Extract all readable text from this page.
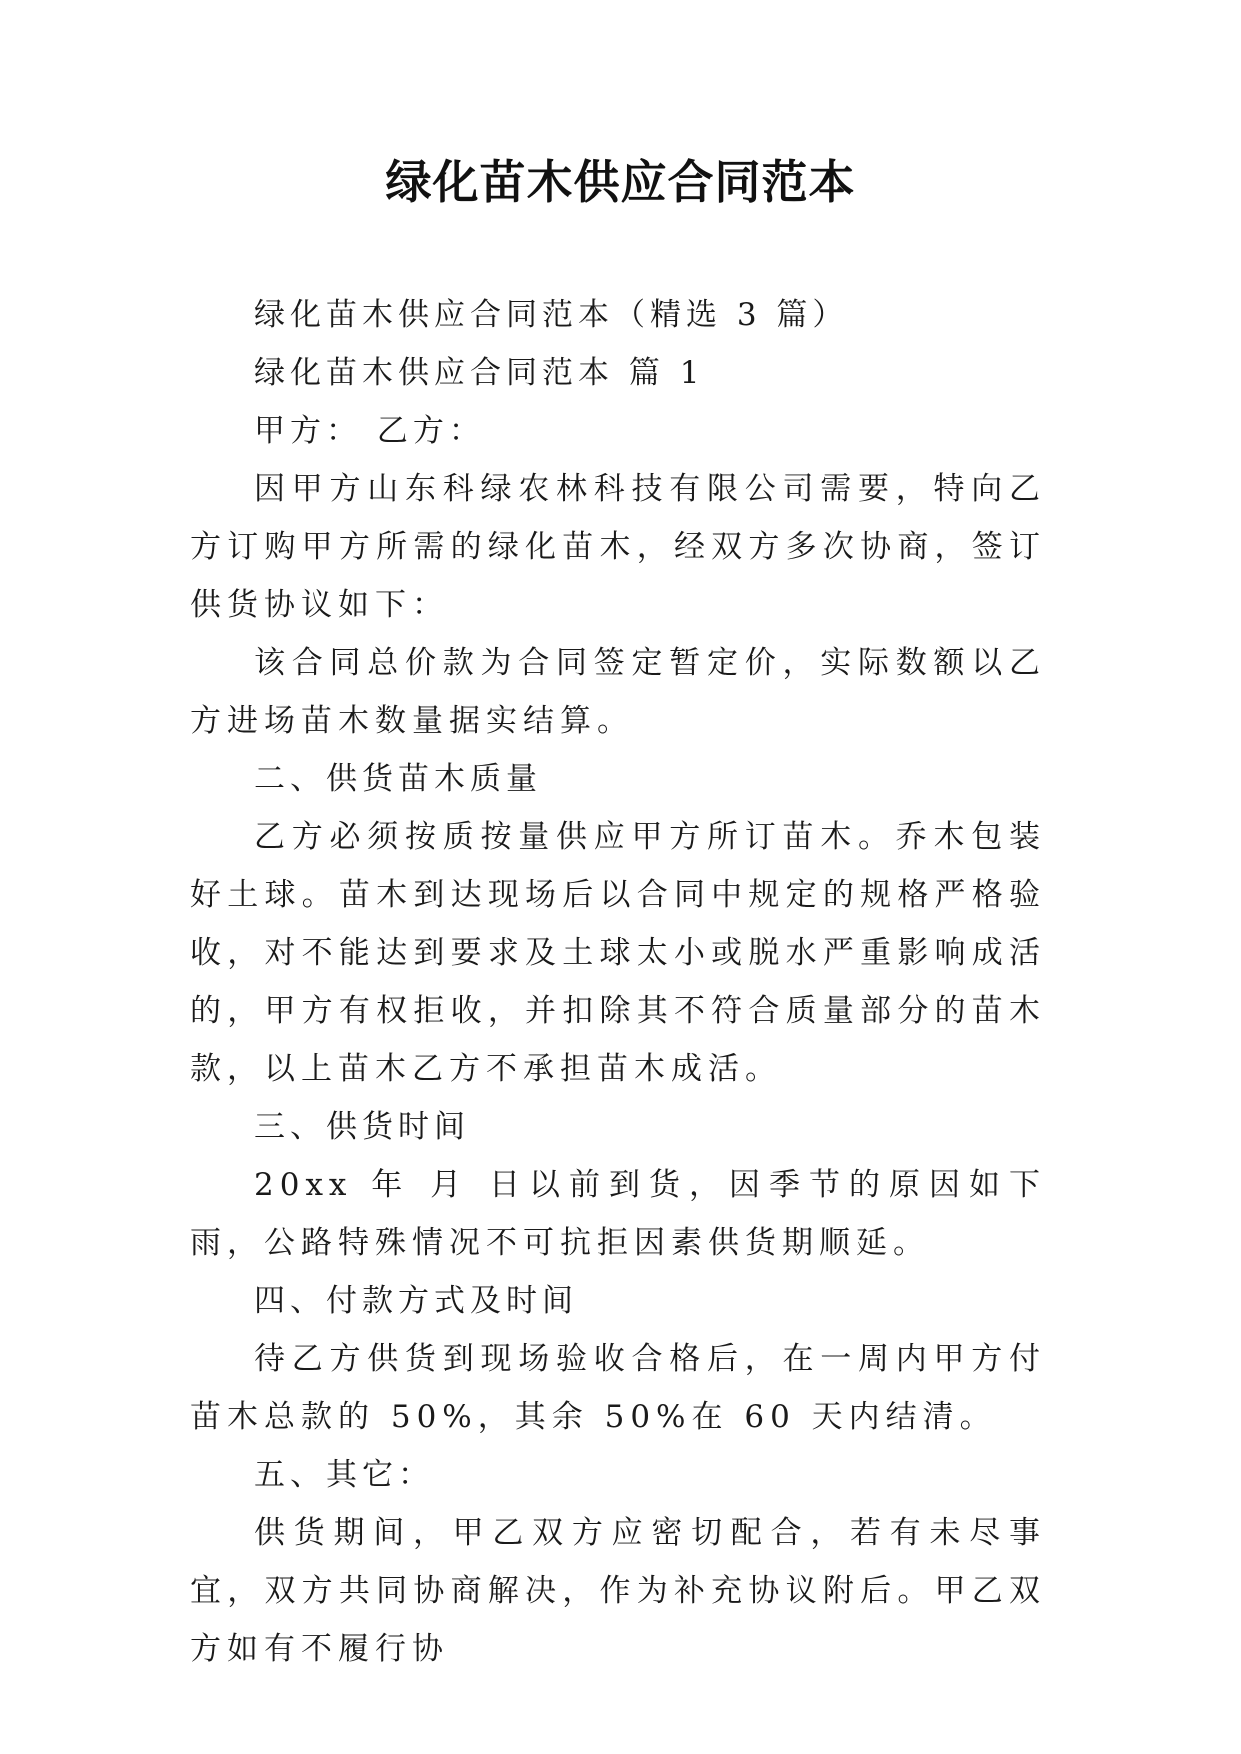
绿化苗木供应合同范本

绿化苗木供应合同范本（精选 3 篇）

绿化苗木供应合同范本 篇 1

甲方： 乙方：

因甲方山东科绿农林科技有限公司需要，特向乙方订购甲方所需的绿化苗木，经双方多次协商，签订供货协议如下：

该合同总价款为合同签定暂定价，实际数额以乙方进场苗木数量据实结算。

二、供货苗木质量

乙方必须按质按量供应甲方所订苗木。乔木包装好土球。苗木到达现场后以合同中规定的规格严格验收，对不能达到要求及土球太小或脱水严重影响成活的，甲方有权拒收，并扣除其不符合质量部分的苗木款，以上苗木乙方不承担苗木成活。

三、供货时间

20xx 年 月 日以前到货，因季节的原因如下雨，公路特殊情况不可抗拒因素供货期顺延。

四、付款方式及时间

待乙方供货到现场验收合格后，在一周内甲方付苗木总款的 50%，其余 50%在 60 天内结清。

五、其它：

供货期间，甲乙双方应密切配合，若有未尽事宜，双方共同协商解决，作为补充协议附后。甲乙双方如有不履行协
